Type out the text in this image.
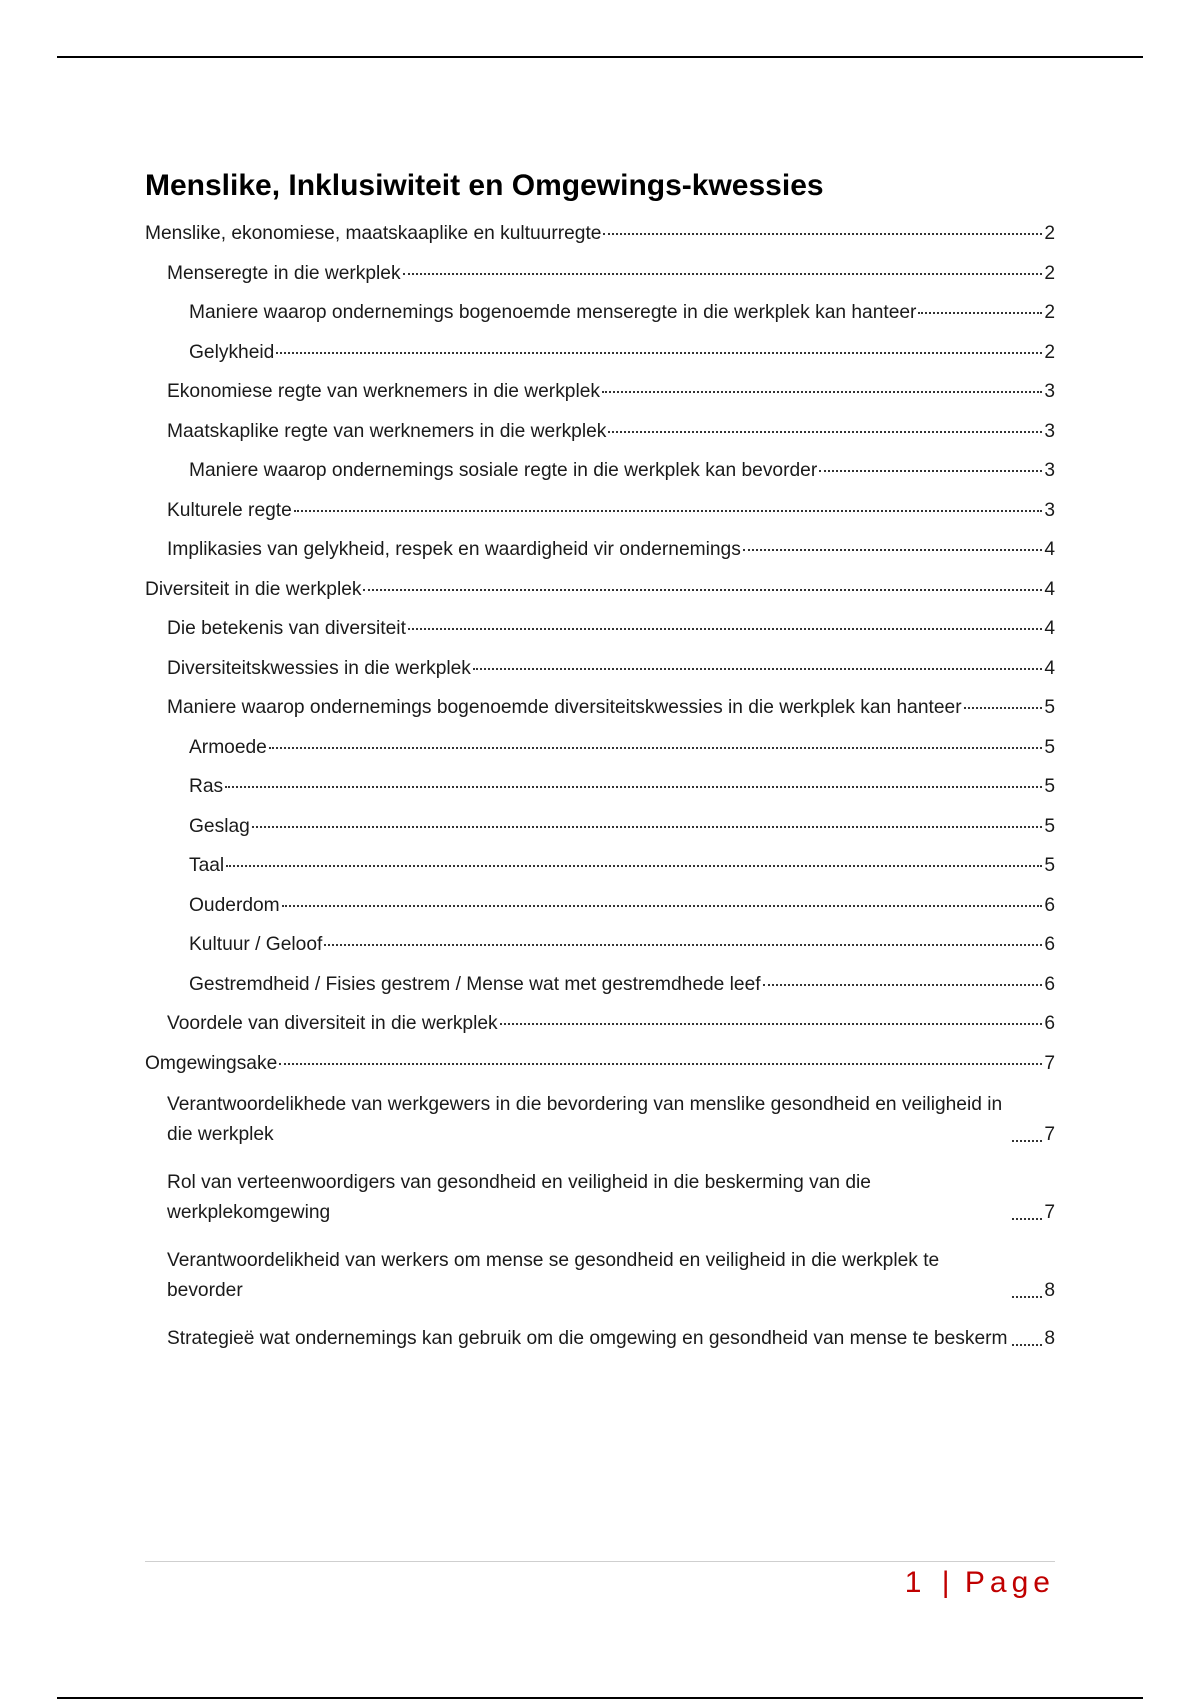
Menslike, Inklusiwiteit en Omgewings-kwessies
Menslike, ekonomiese, maatskaaplike en kultuurregte	2
Menseregte in die werkplek	2
Maniere waarop ondernemings bogenoemde menseregte in die werkplek kan hanteer	2
Gelykheid	2
Ekonomiese regte van werknemers in die werkplek	3
Maatskaplike regte van werknemers in die werkplek	3
Maniere waarop ondernemings sosiale regte in die werkplek kan bevorder	3
Kulturele regte	3
Implikasies van gelykheid, respek en waardigheid vir ondernemings	4
Diversiteit in die werkplek	4
Die betekenis van diversiteit	4
Diversiteitskwessies in die werkplek	4
Maniere waarop ondernemings bogenoemde diversiteitskwessies in die werkplek kan hanteer	5
Armoede	5
Ras	5
Geslag	5
Taal	5
Ouderdom	6
Kultuur / Geloof	6
Gestremdheid / Fisies gestrem / Mense wat met gestremdhede leef	6
Voordele van diversiteit in die werkplek	6
Omgewingsake	7
Verantwoordelikhede van werkgewers in die bevordering van menslike gesondheid en veiligheid in die werkplek	7
Rol van verteenwoordigers van gesondheid en veiligheid in die beskerming van die werkplekomgewing	7
Verantwoordelikheid van werkers om mense se gesondheid en veiligheid in die werkplek te bevorder	8
Strategieë wat ondernemings kan gebruik om die omgewing en gesondheid van mense te beskerm 8
1 | Page
